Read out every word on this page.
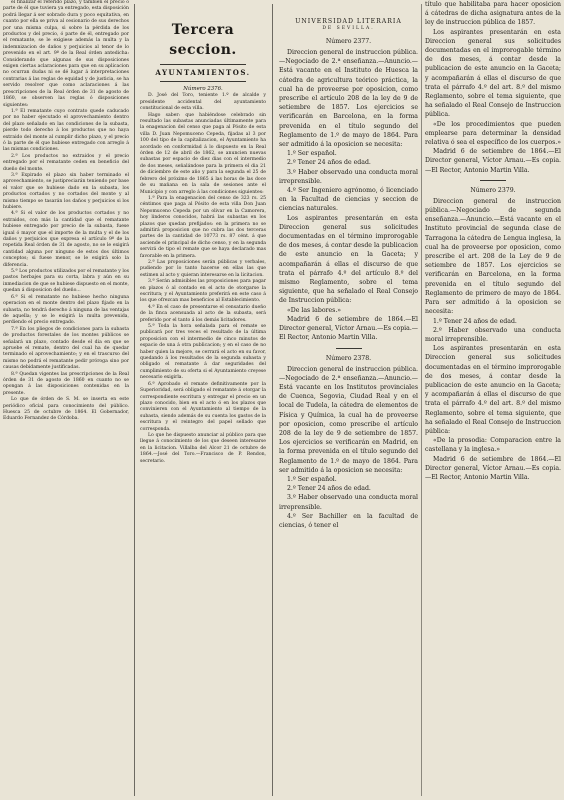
el finalizar el referido plazo, y también el precio ó parte de él que tuviera ya entregado, esta disposición podrá llegar á ser sobrado dura y poco equitativa, en cuanto por ella se priva al cesionario de sus derechos por una misma culpa, si sobre la pérdida de los productos y del precio, ó parte de él, entregado por el rematante, se le exigiese además la multa y la indemnizacion de daños y perjuicios al tenor de lo prevenido en el art. 9º de la Real órden antedicha: Considerando que algunas de sus disposiciones exigen ciertas aclaraciones para que en su aplicacion no ocurran dudas ni se dé lugar á interpretaciones contrarias á las reglas de equidad y de justicia, se ha servido resolver que como aclaraciones á las prescripciones de la Real órden de 31 de agosto de 1860, se observen las reglas ó disposiciones siguientes:

1.ª El rematante cuyo contrato quede caducado por no haber ejecutado el aprovechamiento dentro del plazo señalado en las condiciones de la subasta, pierde todo derecho á los productos que no haya extraido del monte al cumplir dicho plazo, y el precio ó la parte de él que hubiese entregado con arreglo á las mismas condiciones.

2.ª Los productos no extraidos y el precio entregado por el rematante ceden en beneficio del dueño del monte.

3.ª Expirado el plazo sin haber terminado el aprovechamiento, se justipreciarán teniendo por base el valor que se hubiese dado en la subasta, los productos cortados y no cortados del monte y al mismo tiempo se tasarán los daños y perjuicios si los hubiere.

4.ª Si el valor de los productos cortados y no extraidos, con más la cantidad que el rematante hubiese entregado por precio de la subasta, fuese igual ó mayor que el importe de la multa y el de los daños y perjuicios que expresa el artículo 9º de la repetida Real órden de 31 de agosto, no se le exigirá cantidad alguna por ninguno de estos dos últimos conceptos; si fuese menor, se le exigirá solo la diferencia.

5.ª Los productos utilizados por el rematante y los pastos herbajes para su corta, labra y aún en su inmediacion de que se hubiese dispuesto en el monte, quedan á disposicion del dueño...

6.ª Si el rematante no hubiese hecho ninguna operacion en el monte dentro del plazo fijado en la subasta, no tendrá derecho á ninguna de las ventajas de aquella; y se le exigirá la multa prevenida, perdiendo el precio entregado.

7.ª En los pliegos de condiciones para la subasta de productos forestales de los montes públicos se señalará un plazo, contado desde el dia en que se apruebe el remate, dentro del cual ha de quedar terminado el aprovechamiento; y en el trascurso del mismo no podrá el rematante pedir próroga sino por causas debidamente justificadas.

8.ª Quedan vigentes las prescripciones de la Real órden de 31 de agosto de 1860 en cuanto no se opongan á las disposiciones contenidas en la presente.

Lo que de órden de S. M. se inserta en este periódico oficial para conocimiento del público. Huesca 25 de octubre de 1864. El Gobernador, Eduardo Fernandez de Córdoba.

Tercera seccion.
AYUNTAMIENTOS.
Número 2376.

D. José del Toro, teniente 1.º de alcalde y presidente accidental del ayuntamiento constitucional de esta villa.

Hago saber: que habiéndose celebrado sin resultado las subastas anunciadas últimamente para la enagenacion del censo que paga al Pósito de esta villa D. Juan Nepomuceno Cepeda, fijadas al 3 por 100 del tipo de la capitalizacion, el Ayuntamiento ha acordado en conformidad á lo dispuesto en la Real órden de 12 de abril de 1862, se anuncien nuevas subastas por espacio de diez dias con el intermedio de dos meses, señalándose para la primera el dia 21 de diciembre de este año y para la segunda el 25 de febrero del próximo de 1865 á las horas de las doce de su mañana en la sala de sesiones ante el Municipio y con arreglo á las condiciones siguientes:

1.ª Para la enagenacion del censo de 323 rs. 25 céntimos que paga al Pósito de esta villa Don Juan Nepomuceno Cepeda por un olivar en la Camorera, hoy linderos conocidos, habrá las subastas en los plazos que quedan prefijados: en la primera no se admitirá proposicion que no cubra las dos terceras partes de la cantidad de 10773 rs. 87 cént. á que asciende el principal de dicho censo, y en la segunda servirá de tipo el remate que se haya declarado mas favorable en la primera.

2.ª Las proposiciones serán públicas y verbales, pudiendo por lo tanto hacerse en ellas las que estimen al acto y quieran interesarse en la licitacion.

3.ª Serán admisibles las proposiciones para pagar en plazos ó al contado en el acto de otorgarse la escritura; y el Ayuntamiento preferirá en este caso á los que ofrezcan mas beneficios al Establecimiento.

4.ª En el caso de presentarse el censatario dueño de la finca acensuada al acto de la subasta, será preferido por el tanto á los demás licitadores.

5.ª Toda la hora señalada para el remate se publicará por tres veces el resultado de la última proposicion con el intermedio de cinco minutos de espacio de una á otra publicacion; y en el caso de no haber quien la mejore, se cerrará el acto en su favor, quedando á los resultados de la segunda subasta y obligado el rematante á dar seguridades del cumplimiento de su oferta si el Ayuntamiento creyese necesario exigirla.

6.ª Aprobado el remate definitivamente por la Superioridad, será obligado el rematante á otorgar la correspondiente escritura y entregar el precio en un plazo conocido, bien en el acto ó en los plazos que convinieren con el Ayuntamiento al tiempo de la subasta, siendo además de su cuenta los gastos de la escritura y el reintegro del papel sellado que corresponda.

Lo que he dispuesto anunciar al público para que llegue á conocimiento de los que deseen interesarse en la licitacion. Villalba del Alcor 21 de octubre de 1864.—José del Toro.—Francisco de P. Rendon, secretario.

UNIVERSIDAD LITERARIA
DE SEVILLA.
Número 2377.

Direccion general de instruccion pública.—Negociado de 2.ª enseñanza.—Anuncio.—Está vacante en el Instituto de Huesca la cátedra de agricultura teórico práctica, la cual ha de proveerse por oposicion, como prescribe el artículo 208 de la ley de 9 de setiembre de 1857. Los ejercicios se verificarán en Barcelona, en la forma prevenida en el título segundo del Reglamento de 1.º de mayo de 1864. Para ser admitido á la oposicion se necesita:

1.º Ser español.

2.º Tener 24 años de edad.

3.º Haber observado una conducta moral irreprensible.

4.º Ser Ingeniero agrónomo, ó licenciado en la Facultad de ciencias y seccion de ciencias naturales.

Los aspirantes presentarán en esta Direccion general sus solicitudes documentadas en el término improrogable de dos meses, á contar desde la publicacion de este anuncio en la Gaceta; y acompañarán á ellas el discurso de que trata el párrafo 4.º del artículo 8.º del mismo Reglamento, sobre el tema siguiente, que ha señalado el Real Consejo de Instruccion pública:

«De las labores.»

Madrid 6 de setiembre de 1864.—El Director general, Víctor Arnau.—Es copia.—El Rector, Antonio Martin Villa.

Número 2378.

Direccion general de instruccion pública.—Negociado de 2.ª enseñanza.—Anuncio.—Está vacante en los Institutos provinciales de Cuenca, Segovia, Ciudad Real y en el local de Tudela, la cátedra de elementos de Física y Química, la cual ha de proveerse por oposicion, como prescribe el artículo 208 de la ley de 9 de setiembre de 1857. Los ejercicios se verificarán en Madrid, en la forma prevenida en el título segundo del Reglamento de 1.º de mayo de 1864. Para ser admitido á la oposicion se necesita:

1.º Ser español.

2.º Tener 24 años de edad.

3.º Haber observado una conducta moral irreprensible.

4.º Ser Bachiller en la facultad de ciencias, ó tener el

título que habilitaba para hacer oposicion á cátedras de dicha asignatura antes de la ley de instruccion pública de 1857.

Los aspirantes presentarán en esta Direccion general sus solicitudes documentadas en el improrogable término de dos meses, á contar desde la publicacion de este anuncio en la Gaceta; y acompañarán á ellas el discurso de que trata el párrafo 4.º del art. 8.º del mismo Reglamento, sobre el tema siguiente, que ha señalado el Real Consejo de Instruccion pública.

«De los procedimientos que pueden emplearse para determinar la densidad relativa ó sea el específico de los cuerpos.»

Madrid 6 de setiembre de 1864.—El Director general, Víctor Arnau.—Es copia.—El Rector, Antonio Martin Villa.

Número 2379.

Direccion general de instruccion pública.—Negociado de segunda enseñanza.—Anuncio.—Está vacante en el Instituto provincial de segunda clase de Tarragona la cátedra de Lengua inglesa, la cual ha de proveerse por oposicion, como prescribe el art. 208 de la Ley de 9 de setiembre de 1857. Los ejercicios se verificarán en Barcelona, en la forma prevenida en el título segundo del Reglamento de primero de mayo de 1864. Para ser admitido á la oposicion se necesita:

1.º Tener 24 años de edad.

2.º Haber observado una conducta moral irreprensible.

Los aspirantes presentarán en esta Direccion general sus solicitudes documentadas en el término improrogable de dos meses, á contar desde la publicacion de este anuncio en la Gaceta; y acompañarán á ellas el discurso de que trata el párrafo 4.º del art. 8.º del mismo Reglamento, sobre el tema siguiente, que ha señalado el Real Consejo de Instruccion pública:

«De la prosodia: Comparacion entre la castellana y la inglesa.»

Madrid 6 de setiembre de 1864.—El Director general, Víctor Arnau.—Es copia.—El Rector, Antonio Martin Villa.
